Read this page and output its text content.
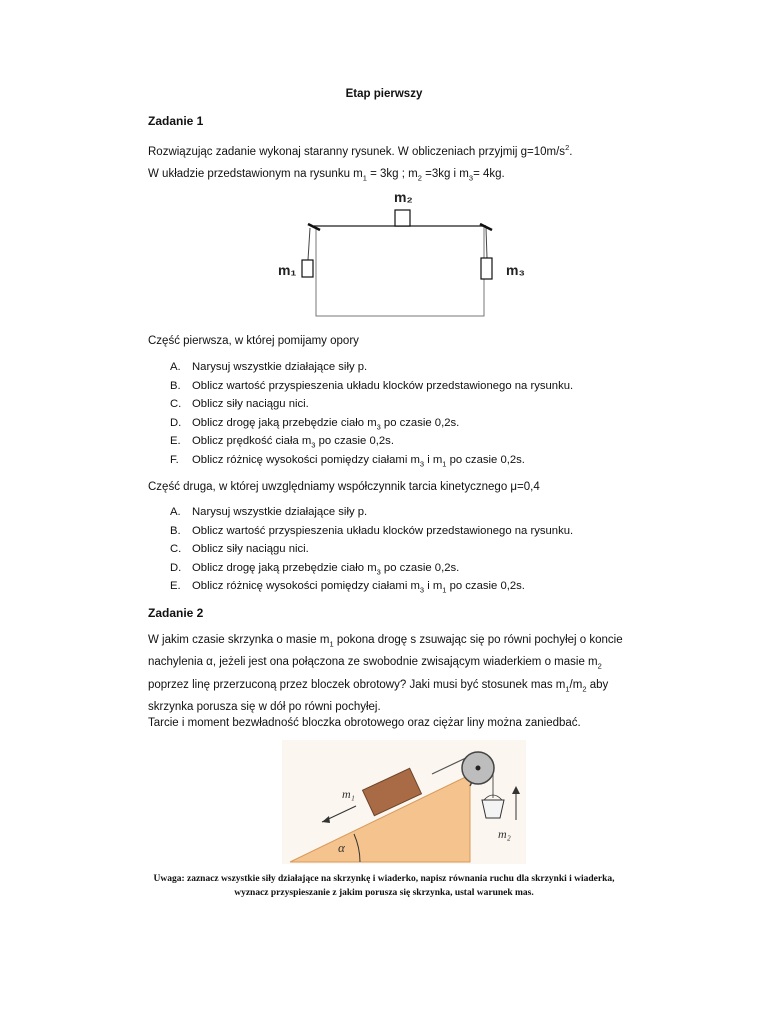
Etap pierwszy
Zadanie 1
Rozwiązując zadanie wykonaj staranny rysunek. W obliczeniach przyjmij $g=10m/s^2$.
W układzie przedstawionym na rysunku $m_1 = 3kg$ ; $m_2 =3kg$ i $m_3= 4kg$.
m₂
m₁	m₃
Część pierwsza, w której pomijamy opory
A. Narysuj wszystkie działające siły p.
B. Oblicz wartość przyspieszenia układu klocków przedstawionego na rysunku.
C. Oblicz siły naciągu nici.
D. Oblicz drogę jaką przebędzie ciało $m_3$ po czasie 0,2s.
E. Oblicz prędkość ciała $m_3$ po czasie 0,2s.
F. Oblicz różnicę wysokości pomiędzy ciałami $m_3$ i $m_1$ po czasie 0,2s.
Część druga, w której uwzględniamy współczynnik tarcia kinetycznego μ=0,4
A. Narysuj wszystkie działające siły p.
B. Oblicz wartość przyspieszenia układu klocków przedstawionego na rysunku.
C. Oblicz siły naciągu nici.
D. Oblicz drogę jaką przebędzie ciało $m_3$ po czasie 0,2s.
E. Oblicz różnicę wysokości pomiędzy ciałami $m_3$ i $m_1$ po czasie 0,2s.
Zadanie 2
W jakim czasie skrzynka o masie $m_1$ pokona drogę s zsuwając się po równi pochyłej o koncie nachylenia α, jeżeli jest ona połączona ze swobodnie zwisającym wiaderkiem o masie $m_2$ poprzez linę przerzuconą przez bloczek obrotowy? Jaki musi być stosunek mas $m_1/m_2$ aby skrzynka porusza się w dół po równi pochyłej.
Tarcie i moment bezwładność bloczka obrotowego oraz ciężar liny można zaniedbać.
m₁
m₂
α
Uwaga: zaznacz wszystkie siły działające na skrzynkę i wiaderko, napisz równania ruchu dla skrzynki i wiaderka,
wyznacz przyspieszanie z jakim porusza się skrzynka, ustal warunek mas.
